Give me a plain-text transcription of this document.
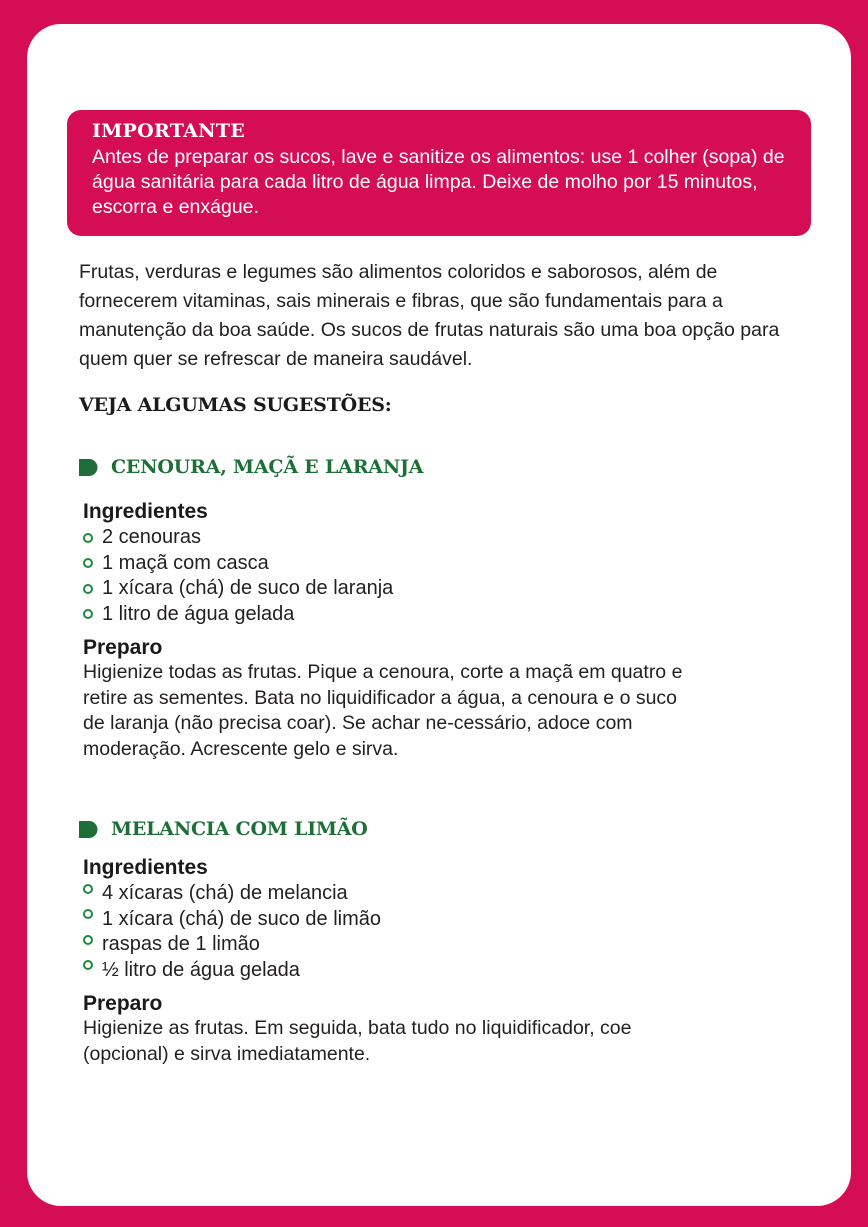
IMPORTANTE
Antes de preparar os sucos, lave e sanitize os alimentos: use 1 colher (sopa) de água sanitária para cada litro de água limpa. Deixe de molho por 15 minutos, escorra e enxágue.
Frutas, verduras e legumes são alimentos coloridos e saborosos, além de fornecerem vitaminas, sais minerais e fibras, que são fundamentais para a manutenção da boa saúde. Os sucos de frutas naturais são uma boa opção para quem quer se refrescar de maneira saudável.
VEJA ALGUMAS SUGESTÕES:
CENOURA, MAÇÃ E LARANJA
Ingredientes
2 cenouras
1 maçã com casca
1 xícara (chá) de suco de laranja
1 litro de água gelada
Preparo
Higienize todas as frutas. Pique a cenoura, corte a maçã em quatro e retire as sementes. Bata no liquidificador a água, a cenoura e o suco de laranja (não precisa coar). Se achar ne-cessário, adoce com moderação. Acrescente gelo e sirva.
MELANCIA COM LIMÃO
Ingredientes
4 xícaras (chá) de melancia
1 xícara (chá) de suco de limão
raspas de 1 limão
½ litro de água gelada
Preparo
Higienize as frutas. Em seguida, bata tudo no liquidificador, coe (opcional) e sirva imediatamente.
